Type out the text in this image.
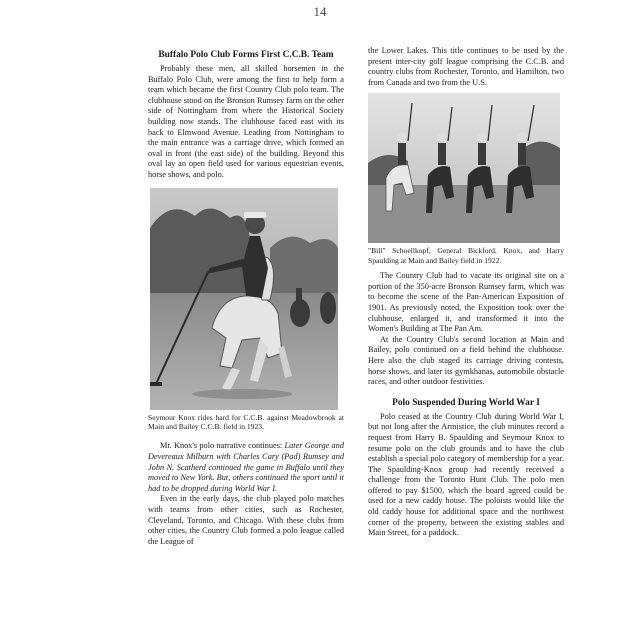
14
Buffalo Polo Club Forms First C.C.B. Team

Probably these men, all skilled horsemen in the Buffalo Polo Club, were among the first to help form a team which became the first Country Club polo team. The clubhouse stood on the Bronson Rumsey farm on the other side of Nottingham from where the Historical Society building now stands. The clubhouse faced east with its back to Elmwood Avenue. Leading from Nottingham to the main entrance was a carriage drive, which formed an oval in front (the east side) of the building. Beyond this oval lay an open field used for various equestrian events, horse shows, and polo.

Seymour Knox rides hard for C.C.B. against Meadowbrook at Main and Bailey C.C.B. field in 1923.

Mr. Knox's polo narrative continues: Later George and Devereaux Milburn with Charles Cary (Pad) Rumsey and John N. Scatherd continued the game in Buffalo until they moved to New York. But, others continued the sport until it had to be dropped during World War I.

Even in the early days, the club played polo matches with teams from other cities, such as Rochester, Cleveland, Toronto, and Chicago. With these clubs from other cities, the Country Club formed a polo league called the League of

the Lower Lakes. This title continues to be used by the present inter-city golf league comprising the C.C.B. and country clubs from Rochester, Toronto, and Hamilton, two from Canada and two from the U.S.

"Bill" Schoellkopf, General Bickford, Knox, and Harry Spaulding at Main and Bailey field in 1922.

The Country Club had to vacate its original site on a portion of the 350-acre Bronson Rumsey farm, which was to become the scene of the Pan-American Exposition of 1901. As previously noted, the Exposition took over the clubhouse, enlarged it, and transformed it into the Women's Building at The Pan Am.

At the Country Club's second location at Main and Bailey, polo continued on a field behind the clubhouse. Here also the club staged its carriage driving contests, horse shows, and later its gymkhanas, automobile obstacle races, and other outdoor festivities.

Polo Suspended During World War I

Polo ceased at the Country Club during World War I, but not long after the Armistice, the club minutes record a request from Harry B. Spaulding and Seymour Knox to resume polo on the club grounds and to have the club establish a special polo category of membership for a year. The Spaulding-Knox group had recently received a challenge from the Toronto Hunt Club. The polo men offered to pay $1500, which the board agreed could be used for a new caddy house. The poloists would like the old caddy house for additional space and the northwest corner of the property, between the existing stables and Main Street, for a paddock.
